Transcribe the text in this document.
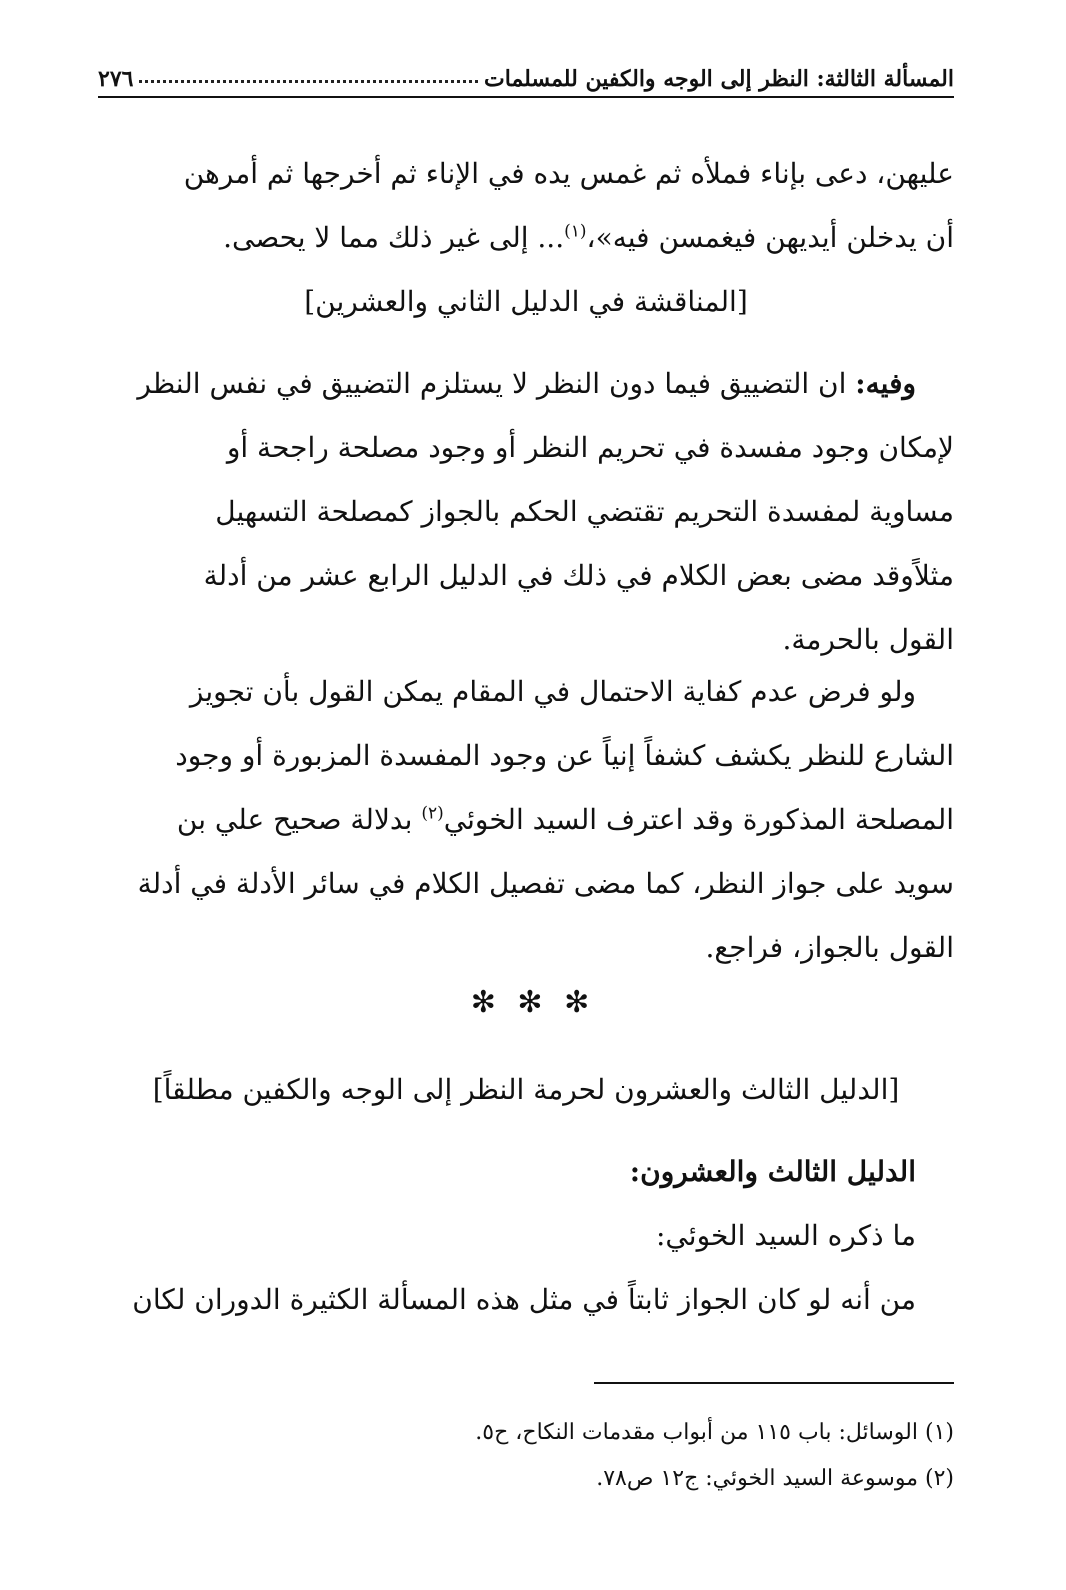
المسألة الثالثة: النظر إلى الوجه والكفين للمسلمات
٢٧٦
عليهن، دعى بإناء فملأه ثم غمس يده في الإناء ثم أخرجها ثم أمرهن
أن يدخلن أيديهن فيغمسن فيه»،$^{(١)}$... إلى غير ذلك مما لا يحصى.
[المناقشة في الدليل الثاني والعشرين]
وفيه: ان التضييق فيما دون النظر لا يستلزم التضييق في نفس النظر
لإمكان وجود مفسدة في تحريم النظر أو وجود مصلحة راجحة أو
مساوية لمفسدة التحريم تقتضي الحكم بالجواز كمصلحة التسهيل
مثلاًوقد مضى بعض الكلام في ذلك في الدليل الرابع عشر من أدلة
القول بالحرمة.
ولو فرض عدم كفاية الاحتمال في المقام يمكن القول بأن تجويز
الشارع للنظر يكشف كشفاً إنياً عن وجود المفسدة المزبورة أو وجود
المصلحة المذكورة وقد اعترف السيد الخوئي$^{(٢)}$ بدلالة صحيح علي بن
سويد على جواز النظر، كما مضى تفصيل الكلام في سائر الأدلة في أدلة
القول بالجواز، فراجع.
✻ ✻ ✻
[الدليل الثالث والعشرون لحرمة النظر إلى الوجه والكفين مطلقاً]
الدليل الثالث والعشرون:
ما ذكره السيد الخوئي:
من أنه لو كان الجواز ثابتاً في مثل هذه المسألة الكثيرة الدوران لكان
(١) الوسائل: باب ١١٥ من أبواب مقدمات النكاح، ح٥.
(٢) موسوعة السيد الخوئي: ج١٢ ص٧٨.
